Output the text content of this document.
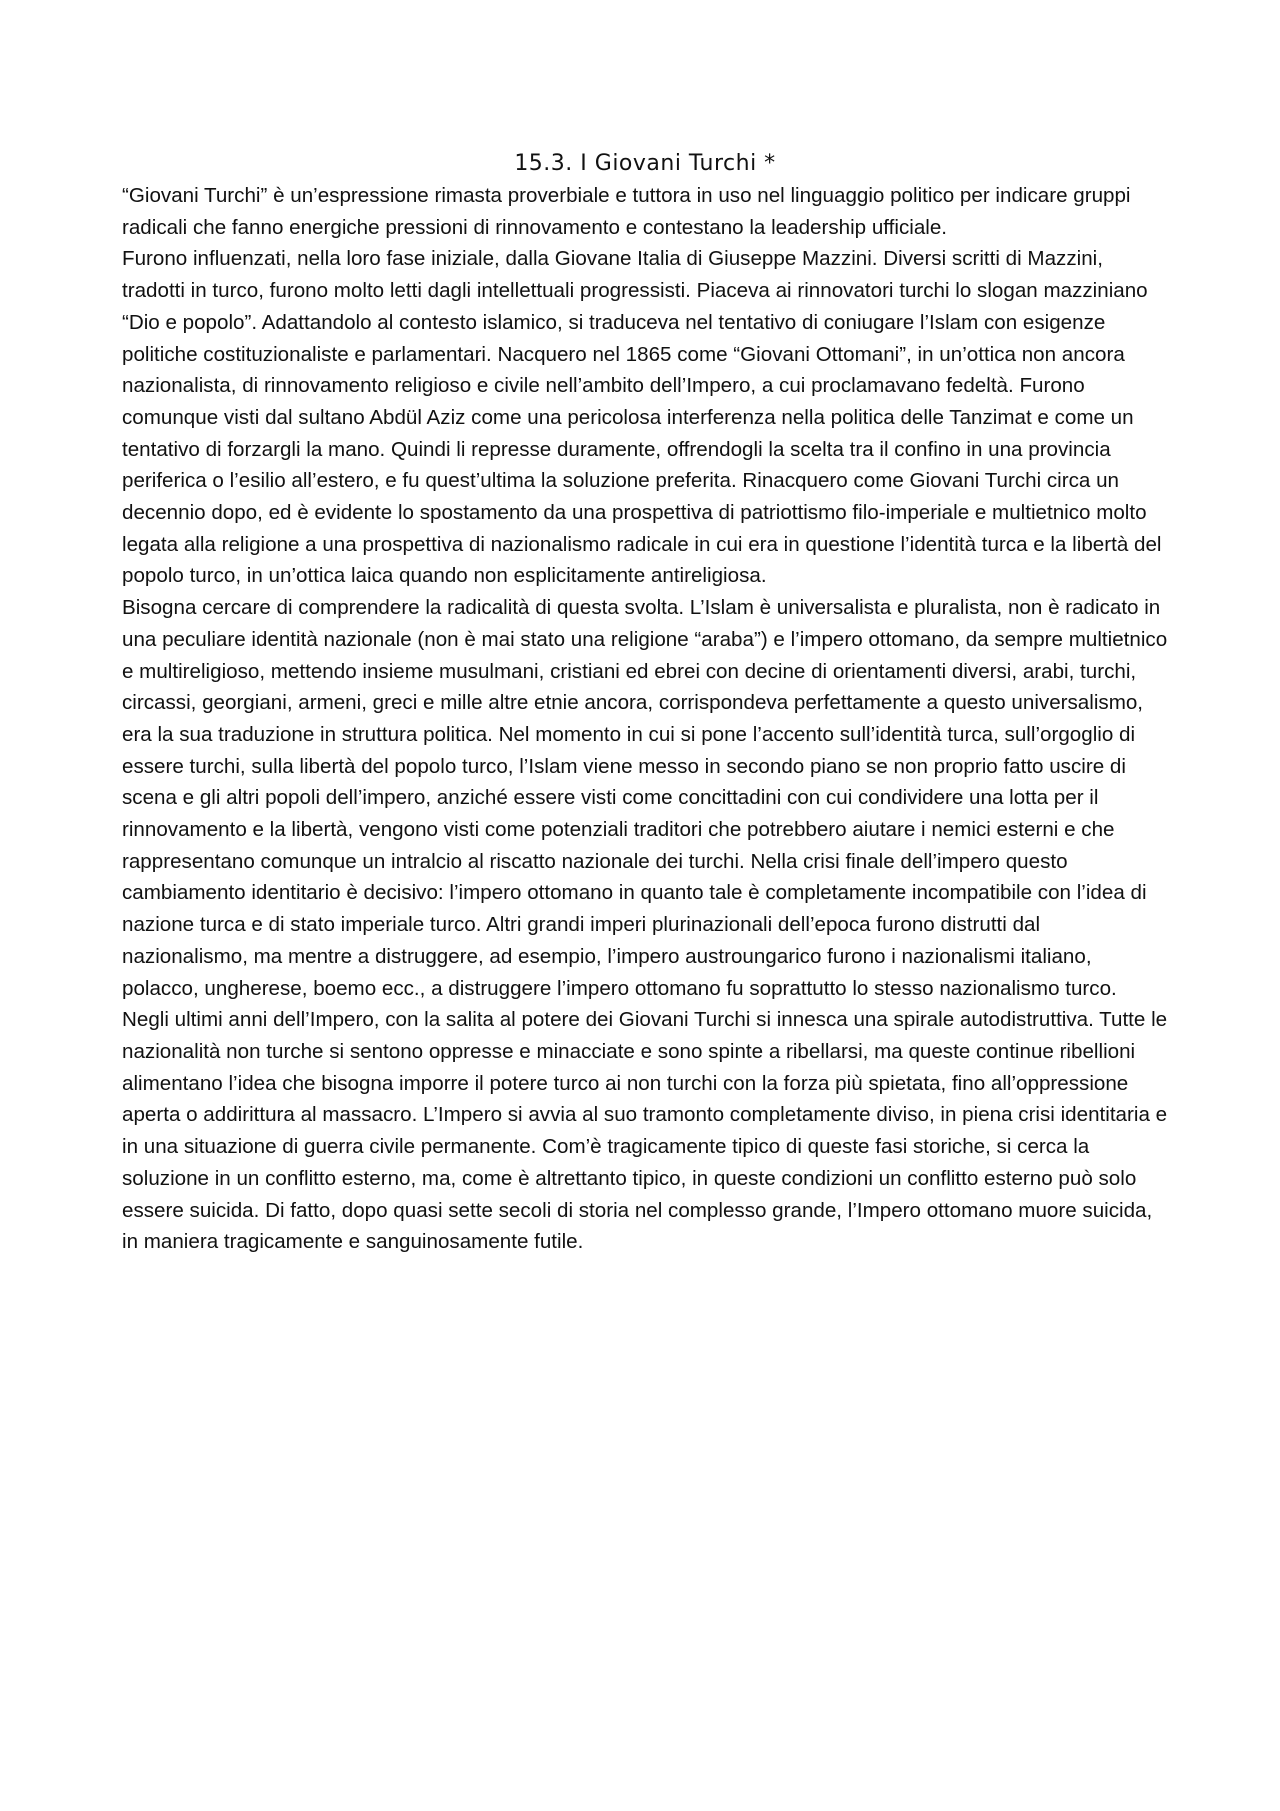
15.3. I Giovani Turchi *

“Giovani Turchi” è un’espressione rimasta proverbiale e tuttora in uso nel linguaggio politico per indicare gruppi radicali che fanno energiche pressioni di rinnovamento e contestano la leadership ufficiale.

Furono influenzati, nella loro fase iniziale, dalla Giovane Italia di Giuseppe Mazzini. Diversi scritti di Mazzini, tradotti in turco, furono molto letti dagli intellettuali progressisti. Piaceva ai rinnovatori turchi lo slogan mazziniano “Dio e popolo”. Adattandolo al contesto islamico, si traduceva nel tentativo di coniugare l’Islam con esigenze politiche costituzionaliste e parlamentari. Nacquero nel 1865 come “Giovani Ottomani”, in un’ottica non ancora nazionalista, di rinnovamento religioso e civile nell’ambito dell’Impero, a cui proclamavano fedeltà. Furono comunque visti dal sultano Abdül Aziz come una pericolosa interferenza nella politica delle Tanzimat e come un tentativo di forzargli la mano. Quindi li represse duramente, offrendogli la scelta tra il confino in una provincia periferica o l’esilio all’estero, e fu quest’ultima la soluzione preferita. Rinacquero come Giovani Turchi circa un decennio dopo, ed è evidente lo spostamento da una prospettiva di patriottismo filo-imperiale e multietnico molto legata alla religione a una prospettiva di nazionalismo radicale in cui era in questione l’identità turca e la libertà del popolo turco, in un’ottica laica quando non esplicitamente antireligiosa.

Bisogna cercare di comprendere la radicalità di questa svolta. L’Islam è universalista e pluralista, non è radicato in una peculiare identità nazionale (non è mai stato una religione “araba”) e l’impero ottomano, da sempre multietnico e multireligioso, mettendo insieme musulmani, cristiani ed ebrei con decine di orientamenti diversi, arabi, turchi, circassi, georgiani, armeni, greci e mille altre etnie ancora, corrispondeva perfettamente a questo universalismo, era la sua traduzione in struttura politica. Nel momento in cui si pone l’accento sull’identità turca, sull’orgoglio di essere turchi, sulla libertà del popolo turco, l’Islam viene messo in secondo piano se non proprio fatto uscire di scena e gli altri popoli dell’impero, anziché essere visti come concittadini con cui condividere una lotta per il rinnovamento e la libertà, vengono visti come potenziali traditori che potrebbero aiutare i nemici esterni e che rappresentano comunque un intralcio al riscatto nazionale dei turchi. Nella crisi finale dell’impero questo cambiamento identitario è decisivo: l’impero ottomano in quanto tale è completamente incompatibile con l’idea di nazione turca e di stato imperiale turco. Altri grandi imperi plurinazionali dell’epoca furono distrutti dal nazionalismo, ma mentre a distruggere, ad esempio, l’impero austroungarico furono i nazionalismi italiano, polacco, ungherese, boemo ecc., a distruggere l’impero ottomano fu soprattutto lo stesso nazionalismo turco.

Negli ultimi anni dell’Impero, con la salita al potere dei Giovani Turchi si innesca una spirale autodistruttiva. Tutte le nazionalità non turche si sentono oppresse e minacciate e sono spinte a ribellarsi, ma queste continue ribellioni alimentano l’idea che bisogna imporre il potere turco ai non turchi con la forza più spietata, fino all’oppressione aperta o addirittura al massacro. L’Impero si avvia al suo tramonto completamente diviso, in piena crisi identitaria e in una situazione di guerra civile permanente. Com’è tragicamente tipico di queste fasi storiche, si cerca la soluzione in un conflitto esterno, ma, come è altrettanto tipico, in queste condizioni un conflitto esterno può solo essere suicida. Di fatto, dopo quasi sette secoli di storia nel complesso grande, l’Impero ottomano muore suicida, in maniera tragicamente e sanguinosamente futile.
